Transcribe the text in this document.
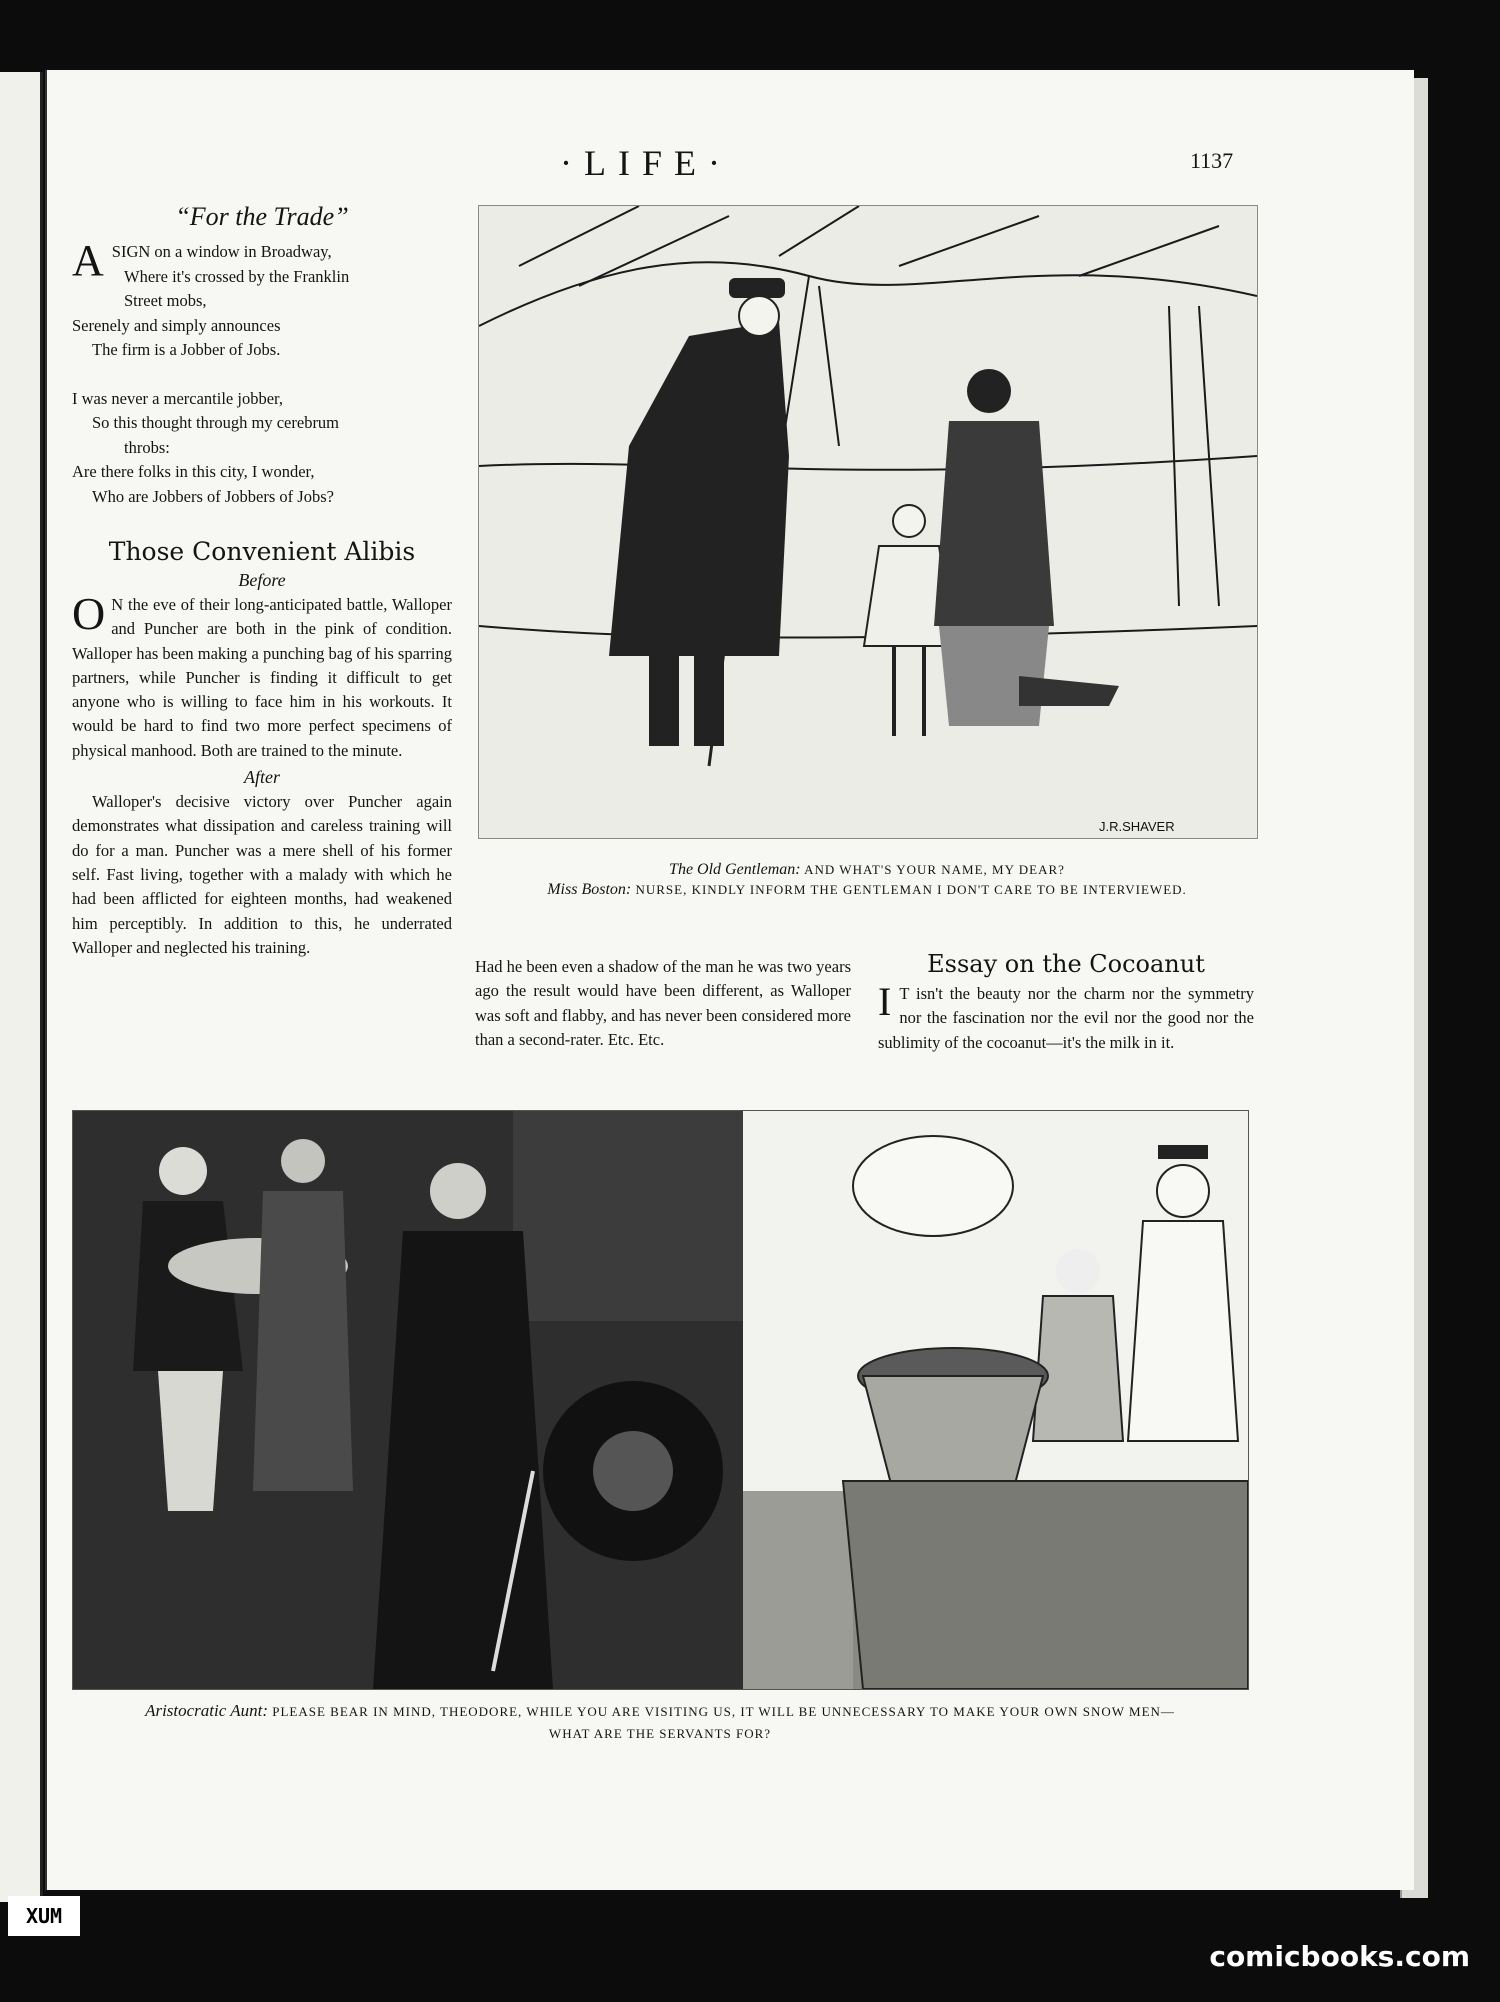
·LIFE·	1137
“For the Trade”
A SIGN on a window in Broadway,

Where it's crossed by the Franklin

Street mobs,

Serenely and simply announces

The firm is a Jobber of Jobs.

I was never a mercantile jobber,

So this thought through my cerebrum

throbs:

Are there folks in this city, I wonder,

Who are Jobbers of Jobbers of Jobs?

Those Convenient Alibis
Before

O N the eve of their long-anticipated battle, Walloper and Puncher are both in the pink of condition. Walloper has been making a punching bag of his sparring partners, while Puncher is finding it difficult to get anyone who is willing to face him in his workouts. It would be hard to find two more perfect specimens of physical manhood. Both are trained to the minute.

After

Walloper's decisive victory over Puncher again demonstrates what dissipation and careless training will do for a man. Puncher was a mere shell of his former self. Fast living, together with a malady with which he had been afflicted for eighteen months, had weakened him perceptibly. In addition to this, he underrated Walloper and neglected his training.

J.R.SHAVER
The Old Gentleman: AND WHAT'S YOUR NAME, MY DEAR?
Miss Boston: NURSE, KINDLY INFORM THE GENTLEMAN I DON'T CARE TO BE INTERVIEWED.

Had he been even a shadow of the man he was two years ago the result would have been different, as Walloper was soft and flabby, and has never been considered more than a second-rater. Etc. Etc.

Essay on the Cocoanut

I T isn't the beauty nor the charm nor the symmetry nor the fascination nor the evil nor the good nor the sublimity of the cocoanut—it's the milk in it.

Aristocratic Aunt: PLEASE BEAR IN MIND, THEODORE, WHILE YOU ARE VISITING US, IT WILL BE UNNECESSARY TO MAKE YOUR OWN SNOW MEN—WHAT ARE THE SERVANTS FOR?
XUM
comicbooks.com
